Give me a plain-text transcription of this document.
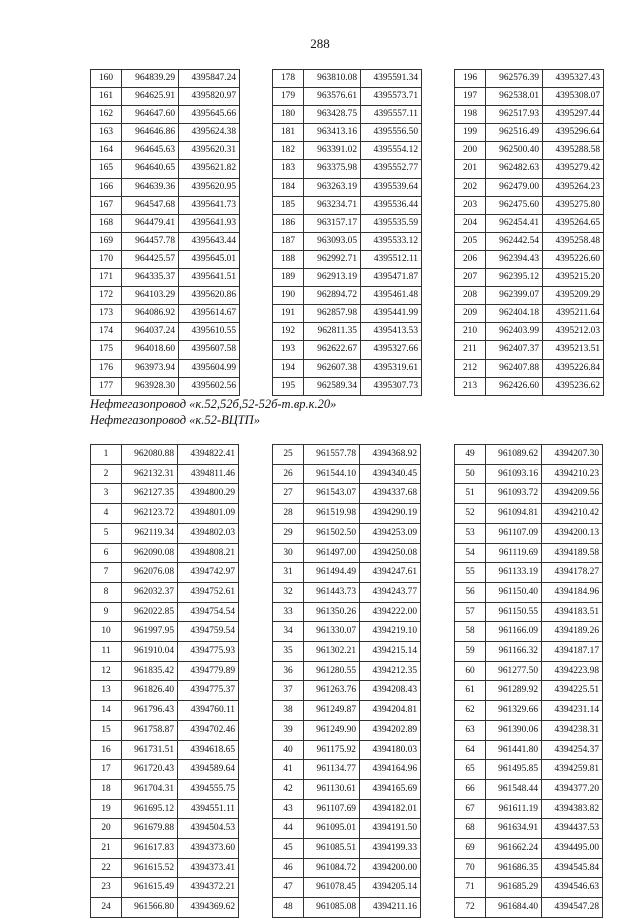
288
160	964839.29	4395847.24
161	964625.91	4395820.97
162	964647.60	4395645.66
163	964646.86	4395624.38
164	964645.63	4395620.31
165	964640.65	4395621.82
166	964639.36	4395620.95
167	964547.68	4395641.73
168	964479.41	4395641.93
169	964457.78	4395643.44
170	964425.57	4395645.01
171	964335.37	4395641.51
172	964103.29	4395620.86
173	964086.92	4395614.67
174	964037.24	4395610.55
175	964018.60	4395607.58
176	963973.94	4395604.99
177	963928.30	4395602.56
178	963810.08	4395591.34
179	963576.61	4395573.71
180	963428.75	4395557.11
181	963413.16	4395556.50
182	963391.02	4395554.12
183	963375.98	4395552.77
184	963263.19	4395539.64
185	963234.71	4395536.44
186	963157.17	4395535.59
187	963093.05	4395533.12
188	962992.71	4395512.11
189	962913.19	4395471.87
190	962894.72	4395461.48
191	962857.98	4395441.99
192	962811.35	4395413.53
193	962622.67	4395327.66
194	962607.38	4395319.61
195	962589.34	4395307.73
196	962576.39	4395327.43
197	962538.01	4395308.07
198	962517.93	4395297.44
199	962516.49	4395296.64
200	962500.40	4395288.58
201	962482.63	4395279.42
202	962479.00	4395264.23
203	962475.60	4395275.80
204	962454.41	4395264.65
205	962442.54	4395258.48
206	962394.43	4395226.60
207	962395.12	4395215.20
208	962399.07	4395209.29
209	962404.18	4395211.64
210	962403.99	4395212.03
211	962407.37	4395213.51
212	962407.88	4395226.84
213	962426.60	4395236.62
Нефтегазопровод «к.52,52б,52-52б-т.вр.к.20»
Нефтегазопровод «к.52-ВЦТП»
1	962080.88	4394822.41
2	962132.31	4394811.46
3	962127.35	4394800.29
4	962123.72	4394801.09
5	962119.34	4394802.03
6	962090.08	4394808.21
7	962076.08	4394742.97
8	962032.37	4394752.61
9	962022.85	4394754.54
10	961997.95	4394759.54
11	961910.04	4394775.93
12	961835.42	4394779.89
13	961826.40	4394775.37
14	961796.43	4394760.11
15	961758.87	4394702.46
16	961731.51	4394618.65
17	961720.43	4394589.64
18	961704.31	4394555.75
19	961695.12	4394551.11
20	961679.88	4394504.53
21	961617.83	4394373.60
22	961615.52	4394373.41
23	961615.49	4394372.21
24	961566.80	4394369.62
25	961557.78	4394368.92
26	961544.10	4394340.45
27	961543.07	4394337.68
28	961519.98	4394290.19
29	961502.50	4394253.09
30	961497.00	4394250.08
31	961494.49	4394247.61
32	961443.73	4394243.77
33	961350.26	4394222.00
34	961330.07	4394219.10
35	961302.21	4394215.14
36	961280.55	4394212.35
37	961263.76	4394208.43
38	961249.87	4394204.81
39	961249.90	4394202.89
40	961175.92	4394180.03
41	961134.77	4394164.96
42	961130.61	4394165.69
43	961107.69	4394182.01
44	961095.01	4394191.50
45	961085.51	4394199.33
46	961084.72	4394200.00
47	961078.45	4394205.14
48	961085.08	4394211.16
49	961089.62	4394207.30
50	961093.16	4394210.23
51	961093.72	4394209.56
52	961094.81	4394210.42
53	961107.09	4394200.13
54	961119.69	4394189.58
55	961133.19	4394178.27
56	961150.40	4394184.96
57	961150.55	4394183.51
58	961166.09	4394189.26
59	961166.32	4394187.17
60	961277.50	4394223.98
61	961289.92	4394225.51
62	961329.66	4394231.14
63	961390.06	4394238.31
64	961441.80	4394254.37
65	961495.85	4394259.81
66	961548.44	4394377.20
67	961611.19	4394383.82
68	961634.91	4394437.53
69	961662.24	4394495.00
70	961686.35	4394545.84
71	961685.29	4394546.63
72	961684.40	4394547.28
